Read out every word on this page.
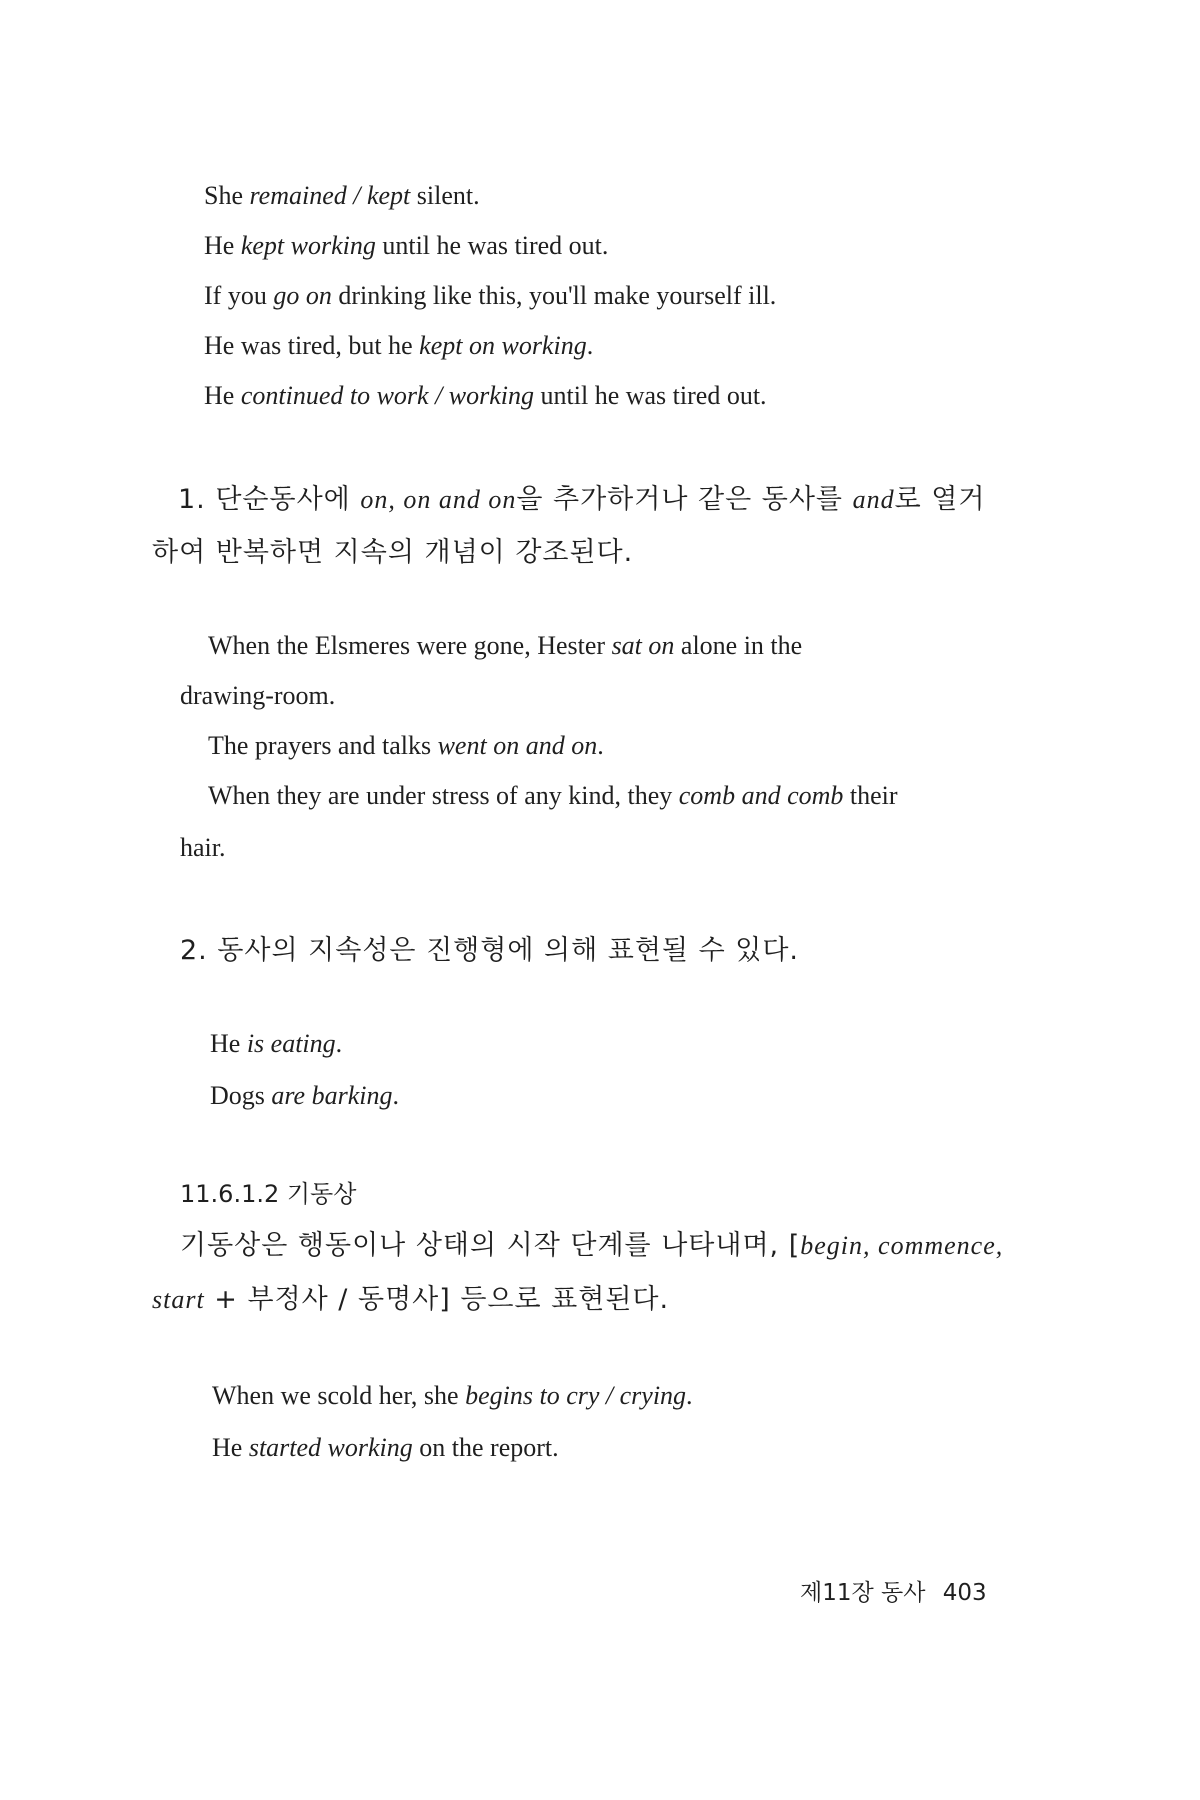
She remained / kept silent.
He kept working until he was tired out.
If you go on drinking like this, you'll make yourself ill.
He was tired, but he kept on working.
He continued to work / working until he was tired out.
1. 단순동사에 on, on and on을 추가하거나 같은 동사를 and로 열거
하여 반복하면 지속의 개념이 강조된다.
When the Elsmeres were gone, Hester sat on alone in the
drawing-room.
The prayers and talks went on and on.
When they are under stress of any kind, they comb and comb their
hair.
2. 동사의 지속성은 진행형에 의해 표현될 수 있다.
He is eating.
Dogs are barking.
11.6.1.2 기동상
기동상은 행동이나 상태의 시작 단계를 나타내며, [begin, commence,
start + 부정사 / 동명사] 등으로 표현된다.
When we scold her, she begins to cry / crying.
He started working on the report.
제11장 동사 403
